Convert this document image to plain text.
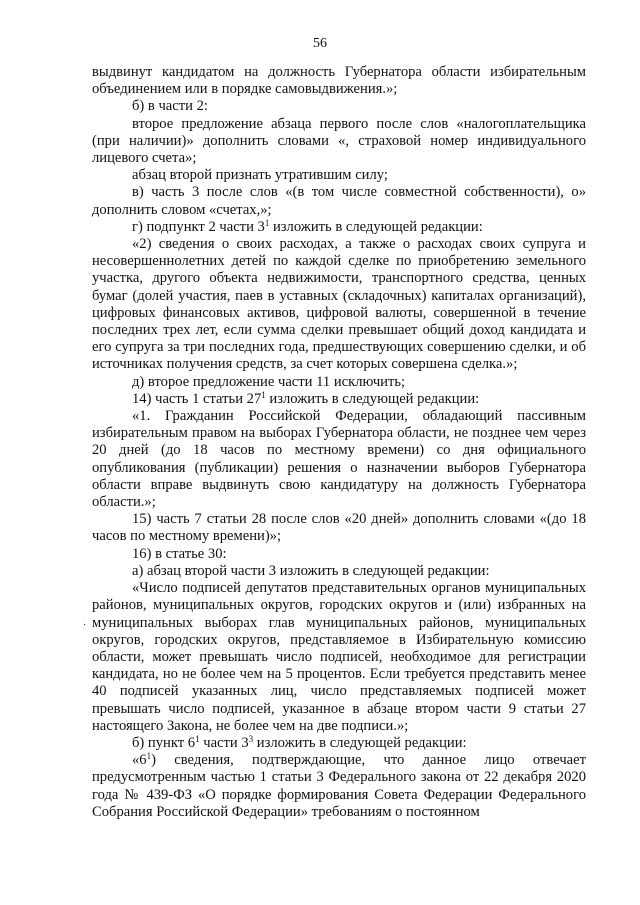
56

выдвинут кандидатом на должность Губернатора области избирательным объединением или в порядке самовыдвижения.»;

б) в части 2:

второе предложение абзаца первого после слов «налогоплательщика (при наличии)» дополнить словами «, страховой номер индивидуального лицевого счета»;

абзац второй признать утратившим силу;

в) часть 3 после слов «(в том числе совместной собственности), о» дополнить словом «счетах,»;

г) подпункт 2 части $3^1$ изложить в следующей редакции:

«2) сведения о своих расходах, а также о расходах своих супруга и несовершеннолетних детей по каждой сделке по приобретению земельного участка, другого объекта недвижимости, транспортного средства, ценных бумаг (долей участия, паев в уставных (складочных) капиталах организаций), цифровых финансовых активов, цифровой валюты, совершенной в течение последних трех лет, если сумма сделки превышает общий доход кандидата и его супруга за три последних года, предшествующих совершению сделки, и об источниках получения средств, за счет которых совершена сделка.»;

д) второе предложение части 11 исключить;

14) часть 1 статьи $27^1$ изложить в следующей редакции:

«1. Гражданин Российской Федерации, обладающий пассивным избирательным правом на выборах Губернатора области, не позднее чем через 20 дней (до 18 часов по местному времени) со дня официального опубликования (публикации) решения о назначении выборов Губернатора области вправе выдвинуть свою кандидатуру на должность Губернатора области.»;

15) часть 7 статьи 28 после слов «20 дней» дополнить словами «(до 18 часов по местному времени)»;

16) в статье 30:

а) абзац второй части 3 изложить в следующей редакции:

«Число подписей депутатов представительных органов муниципальных районов, муниципальных округов, городских округов и (или) избранных на муниципальных выборах глав муниципальных районов, муниципальных округов, городских округов, представляемое в Избирательную комиссию области, может превышать число подписей, необходимое для регистрации кандидата, но не более чем на 5 процентов. Если требуется представить менее 40 подписей указанных лиц, число представляемых подписей может превышать число подписей, указанное в абзаце втором части 9 статьи 27 настоящего Закона, не более чем на две подписи.»;

б) пункт $6^1$ части $3^3$ изложить в следующей редакции:

«$6^1$) сведения, подтверждающие, что данное лицо отвечает предусмотренным частью 1 статьи 3 Федерального закона от 22 декабря 2020 года № 439-ФЗ «О порядке формирования Совета Федерации Федерального Собрания Российской Федерации» требованиям о постоянном

·
